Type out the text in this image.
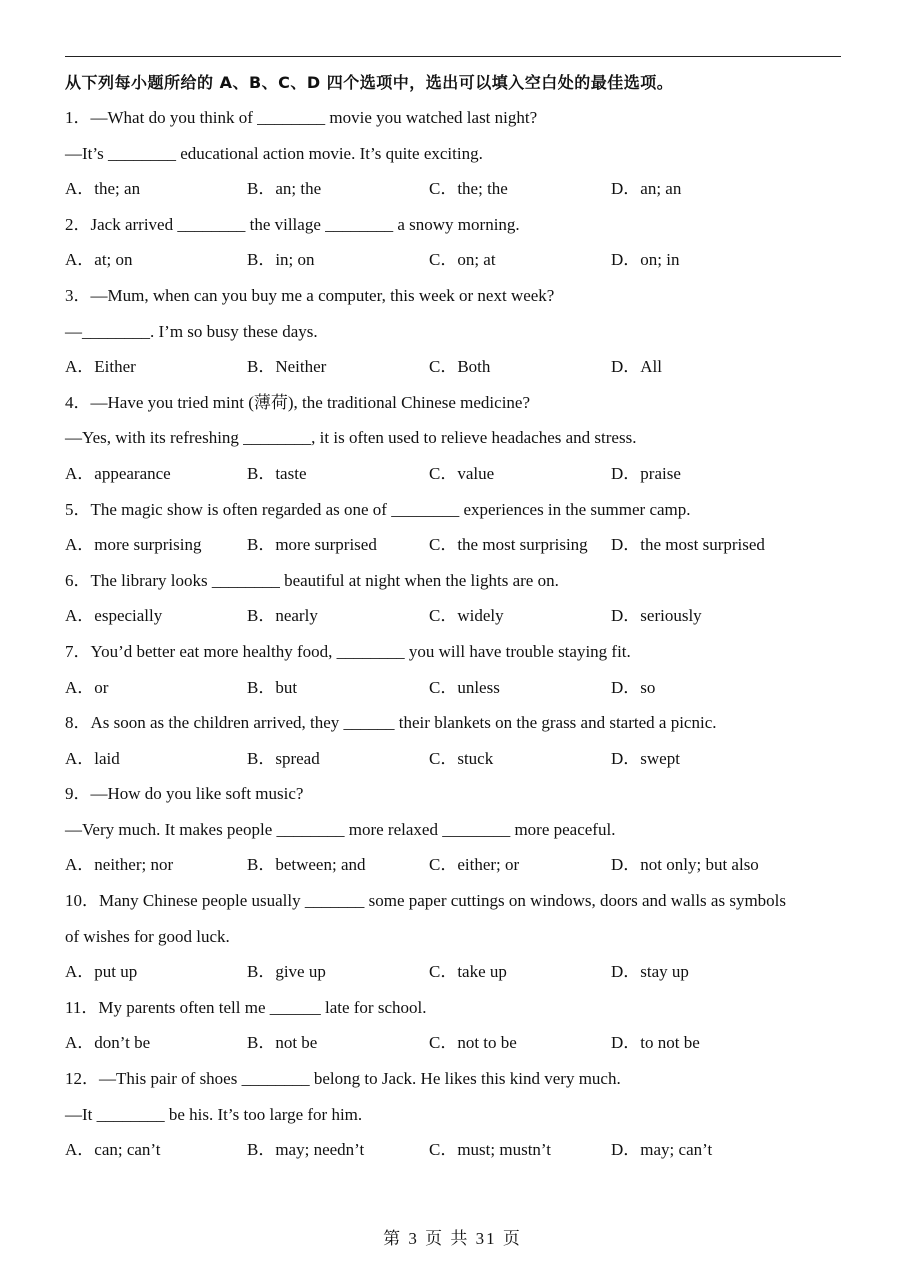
从下列每小题所给的 A、B、C、D 四个选项中，选出可以填入空白处的最佳选项。
1．—What do you think of ________ movie you watched last night?
—It’s ________ educational action movie. It’s quite exciting.
A．the; an	B．an; the	C．the; the	D．an; an
2．Jack arrived ________ the village ________ a snowy morning.
A．at; on	B．in; on	C．on; at	D．on; in
3．—Mum, when can you buy me a computer, this week or next week?
—________. I’m so busy these days.
A．Either	B．Neither	C．Both	D．All
4．—Have you tried mint (薄荷), the traditional Chinese medicine?
—Yes, with its refreshing ________, it is often used to relieve headaches and stress.
A．appearance	B．taste	C．value	D．praise
5．The magic show is often regarded as one of ________ experiences in the summer camp.
A．more surprising	B．more surprised	C．the most surprising	D．the most surprised
6．The library looks ________ beautiful at night when the lights are on.
A．especially	B．nearly	C．widely	D．seriously
7．You’d better eat more healthy food, ________ you will have trouble staying fit.
A．or	B．but	C．unless	D．so
8．As soon as the children arrived, they ______ their blankets on the grass and started a picnic.
A．laid	B．spread	C．stuck	D．swept
9．—How do you like soft music?
—Very much. It makes people ________ more relaxed ________ more peaceful.
A．neither; nor	B．between; and	C．either; or	D．not only; but also
10．Many Chinese people usually _______ some paper cuttings on windows, doors and walls as symbols
of wishes for good luck.
A．put up	B．give up	C．take up	D．stay up
11．My parents often tell me ______ late for school.
A．don’t be	B．not be	C．not to be	D．to not be
12．—This pair of shoes ________ belong to Jack. He likes this kind very much.
—It ________ be his. It’s too large for him.
A．can; can’t	B．may; needn’t	C．must; mustn’t	D．may; can’t
第 3 页 共 31 页
